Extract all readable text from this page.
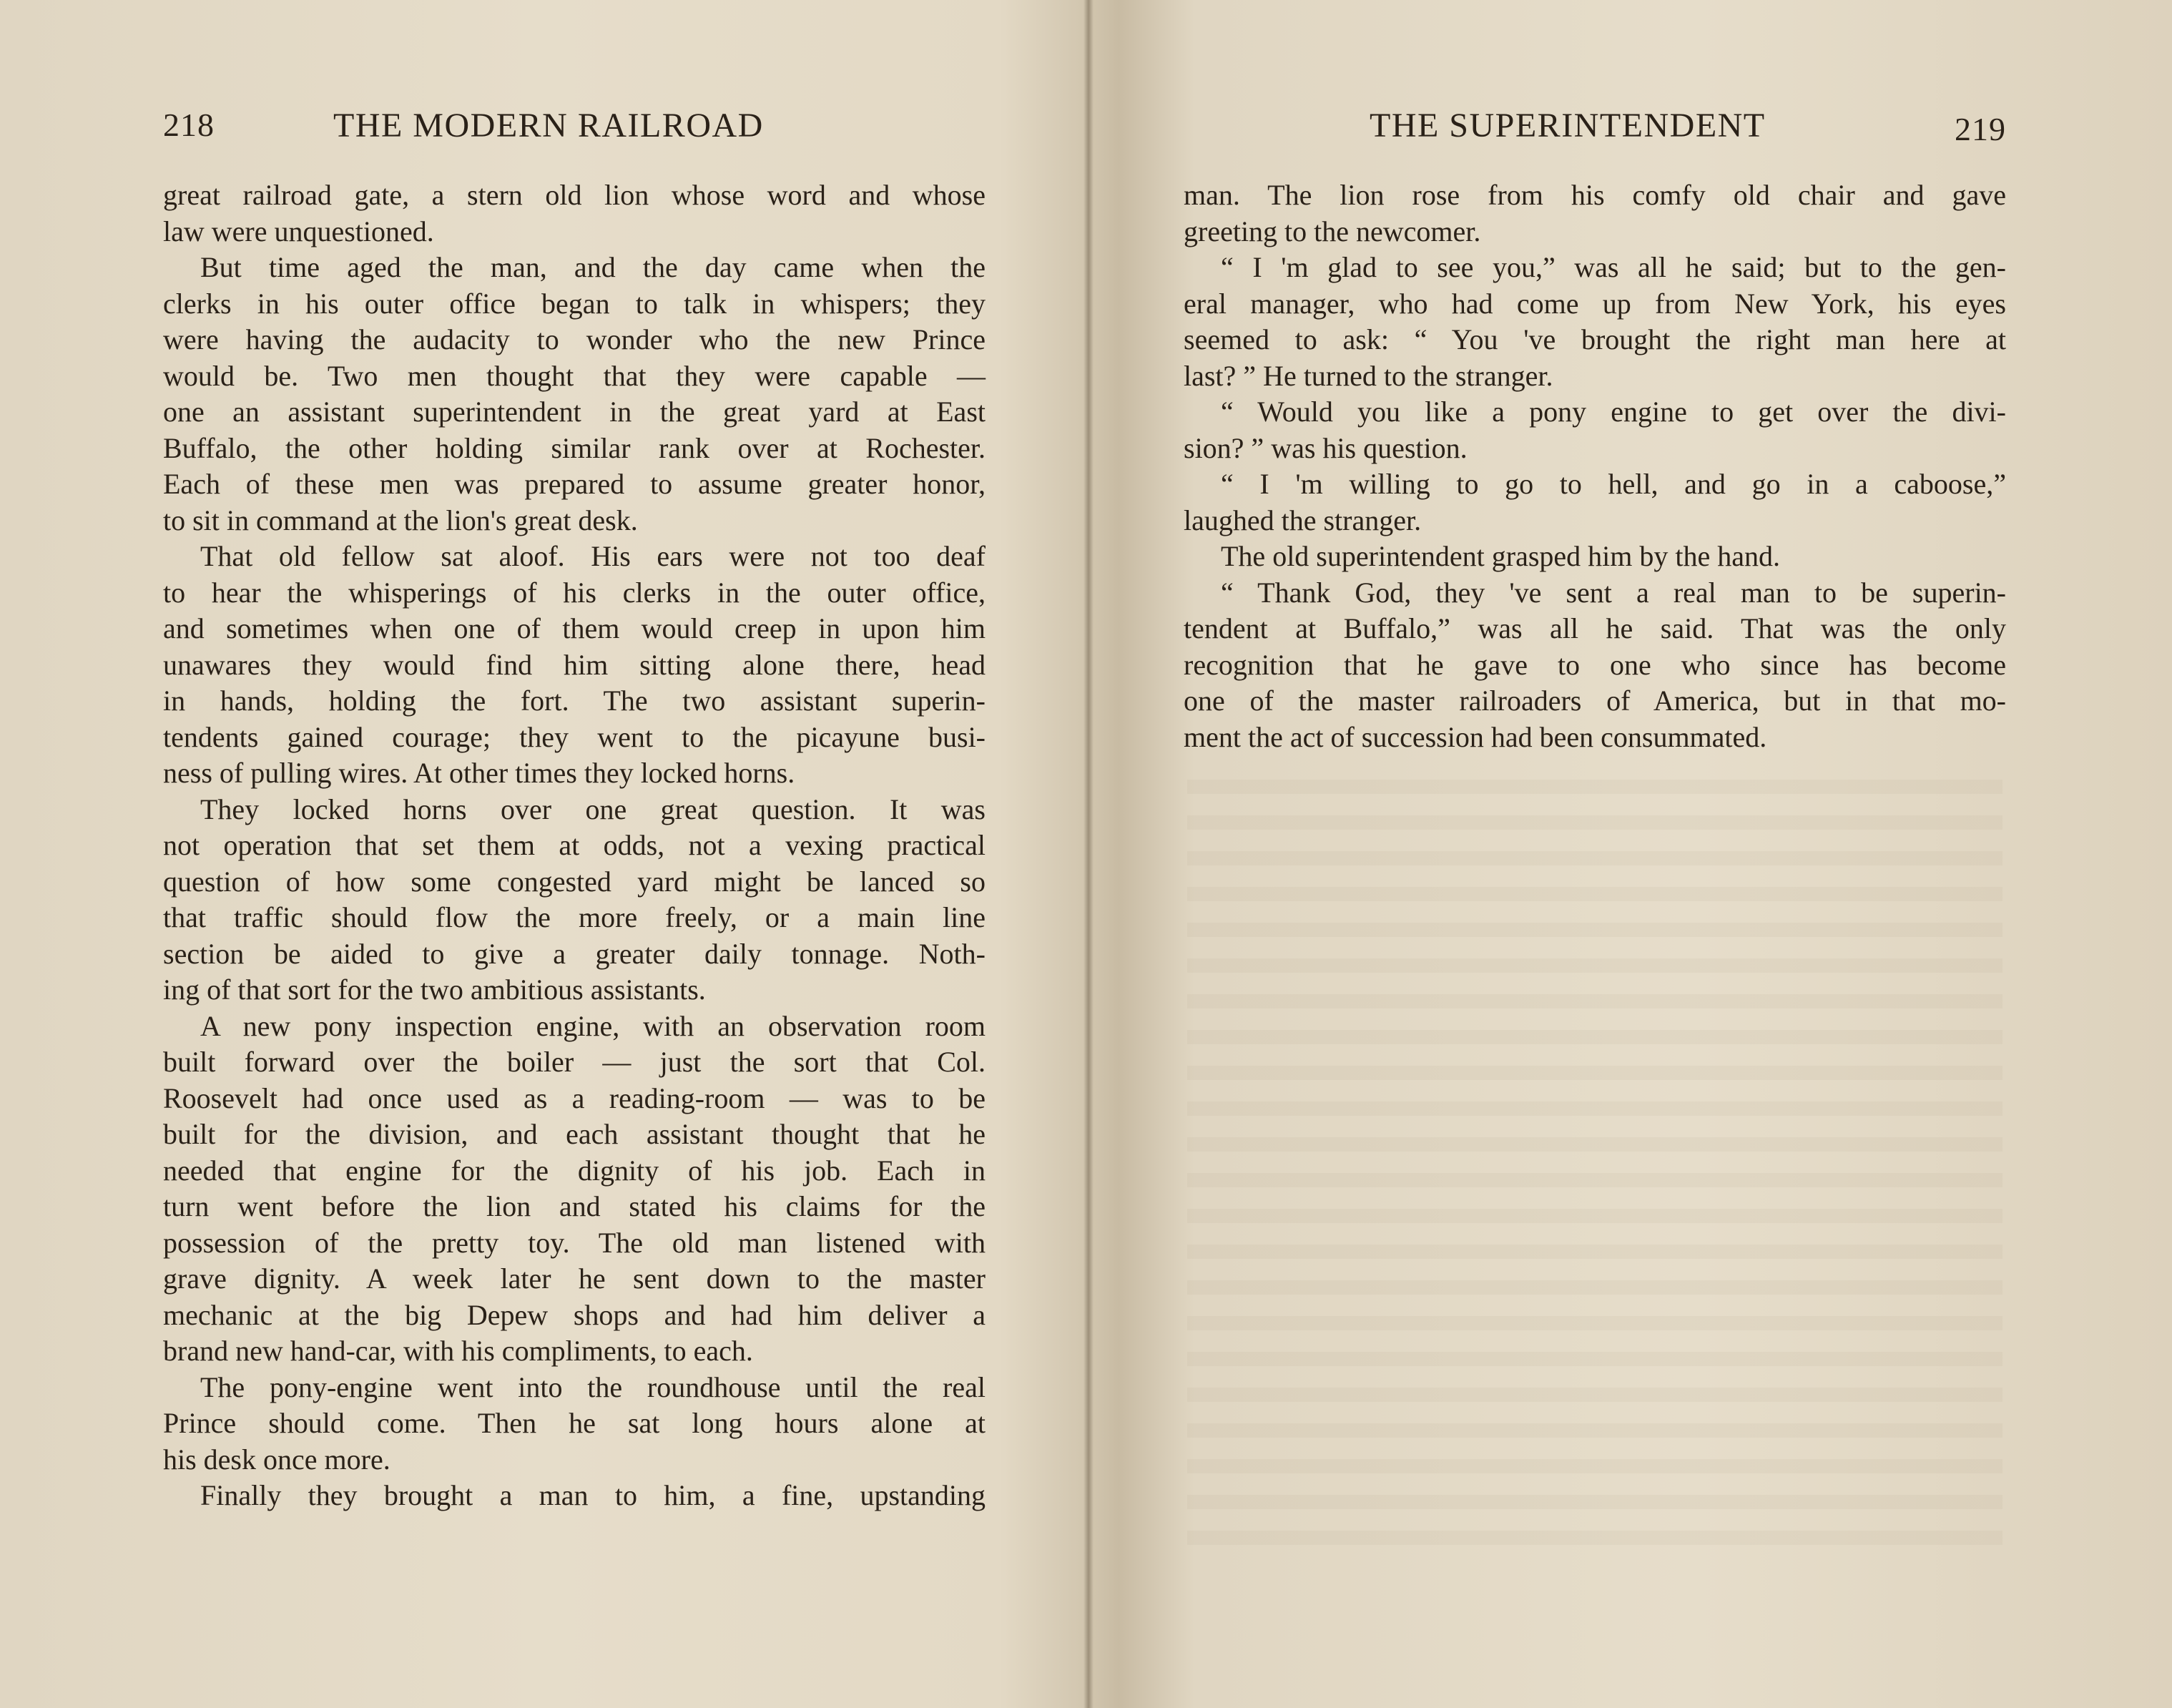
218	THE MODERN RAILROAD
great railroad gate, a stern old lion whose word and whose
law were unquestioned.
But time aged the man, and the day came when the
clerks in his outer office began to talk in whispers; they
were having the audacity to wonder who the new Prince
would be. Two men thought that they were capable —
one an assistant superintendent in the great yard at East
Buffalo, the other holding similar rank over at Rochester.
Each of these men was prepared to assume greater honor,
to sit in command at the lion's great desk.
That old fellow sat aloof. His ears were not too deaf
to hear the whisperings of his clerks in the outer office,
and sometimes when one of them would creep in upon him
unawares they would find him sitting alone there, head
in hands, holding the fort. The two assistant superin-
tendents gained courage; they went to the picayune busi-
ness of pulling wires. At other times they locked horns.
They locked horns over one great question. It was
not operation that set them at odds, not a vexing practical
question of how some congested yard might be lanced so
that traffic should flow the more freely, or a main line
section be aided to give a greater daily tonnage. Noth-
ing of that sort for the two ambitious assistants.
A new pony inspection engine, with an observation room
built forward over the boiler — just the sort that Col.
Roosevelt had once used as a reading-room — was to be
built for the division, and each assistant thought that he
needed that engine for the dignity of his job. Each in
turn went before the lion and stated his claims for the
possession of the pretty toy. The old man listened with
grave dignity. A week later he sent down to the master
mechanic at the big Depew shops and had him deliver a
brand new hand-car, with his compliments, to each.
The pony-engine went into the roundhouse until the real
Prince should come. Then he sat long hours alone at
his desk once more.
Finally they brought a man to him, a fine, upstanding
THE SUPERINTENDENT	219
man. The lion rose from his comfy old chair and gave
greeting to the newcomer.
“ I 'm glad to see you,” was all he said; but to the gen-
eral manager, who had come up from New York, his eyes
seemed to ask: “ You 've brought the right man here at
last? ” He turned to the stranger.
“ Would you like a pony engine to get over the divi-
sion? ” was his question.
“ I 'm willing to go to hell, and go in a caboose,”
laughed the stranger.
The old superintendent grasped him by the hand.
“ Thank God, they 've sent a real man to be superin-
tendent at Buffalo,” was all he said. That was the only
recognition that he gave to one who since has become
one of the master railroaders of America, but in that mo-
ment the act of succession had been consummated.
